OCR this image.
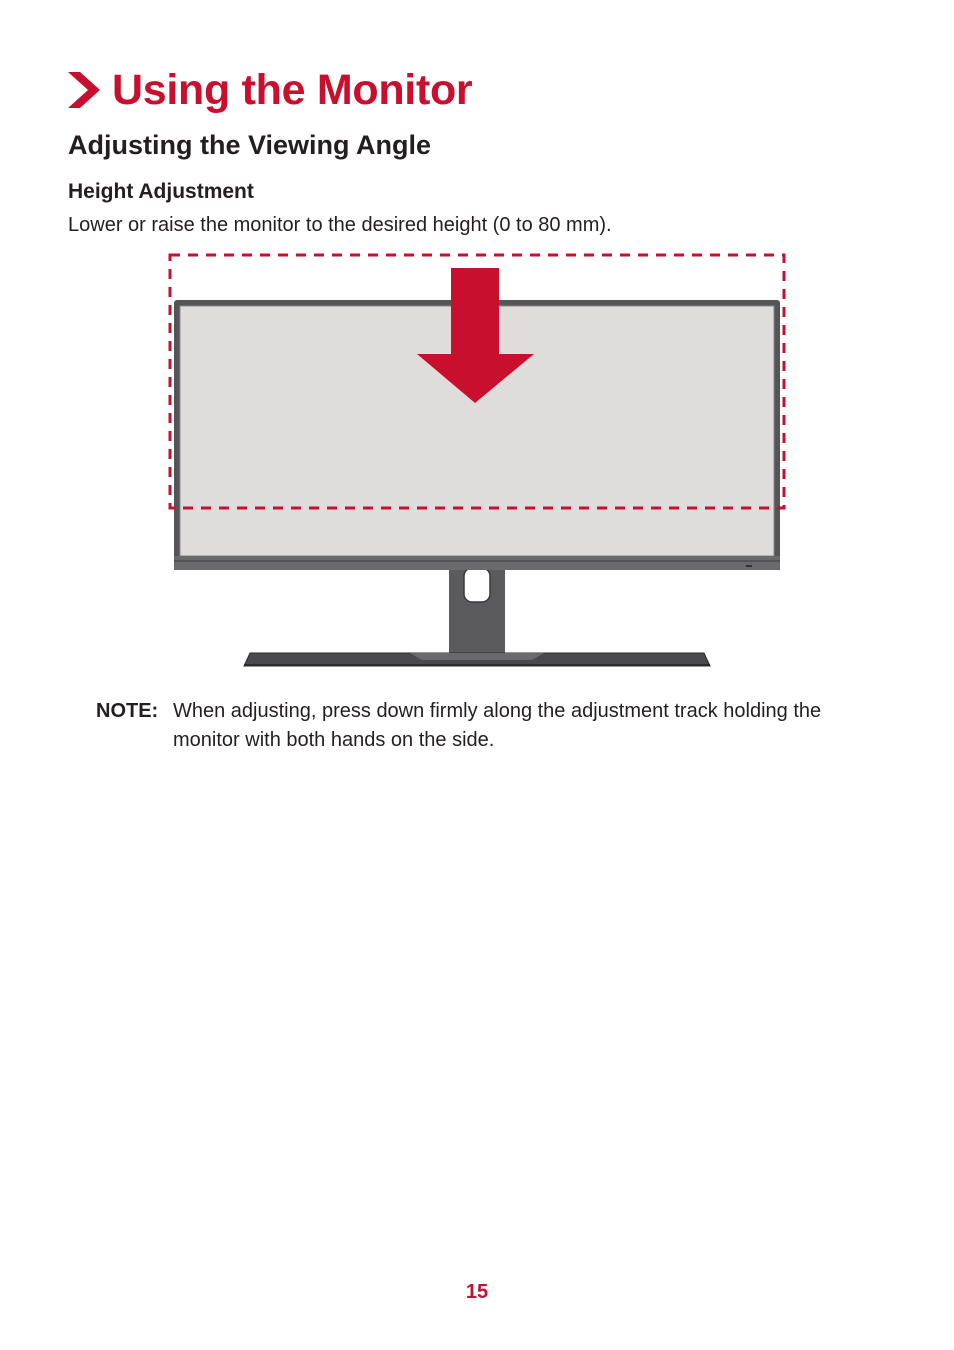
Using the Monitor
Adjusting the Viewing Angle
Height Adjustment
Lower or raise the monitor to the desired height (0 to 80 mm).
NOTE: When adjusting, press down firmly along the adjustment track holding the monitor with both hands on the side.
15
